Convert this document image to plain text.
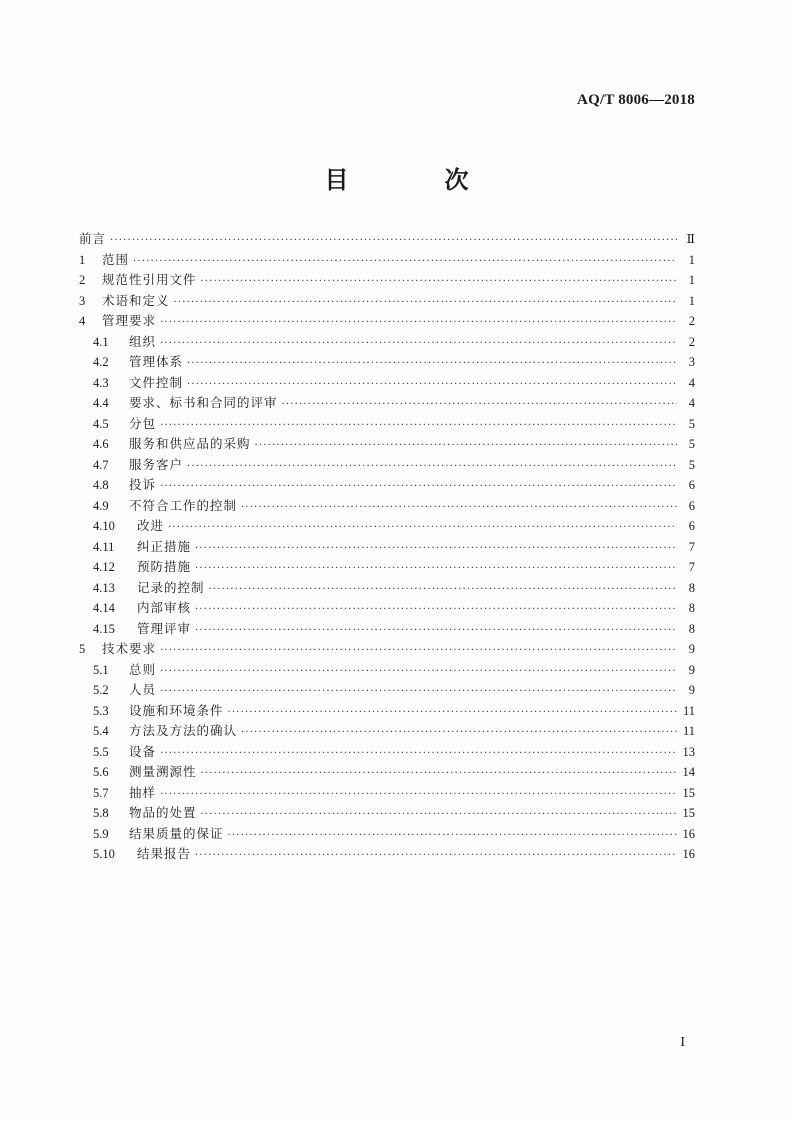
AQ/T 8006—2018
目　次
前言 ·····	Ⅱ
1	范围 ·····	1
2	规范性引用文件 ·····	1
3	术语和定义 ·····	1
4	管理要求 ·····	2
4.1	组织 ·····	2
4.2	管理体系 ·····	3
4.3	文件控制 ·····	4
4.4	要求、标书和合同的评审 ·····	4
4.5	分包 ·····	5
4.6	服务和供应品的采购 ·····	5
4.7	服务客户 ·····	5
4.8	投诉 ·····	6
4.9	不符合工作的控制 ·····	6
4.10	改进 ·····	6
4.11	纠正措施 ·····	7
4.12	预防措施 ·····	7
4.13	记录的控制 ·····	8
4.14	内部审核 ·····	8
4.15	管理评审 ·····	8
5	技术要求 ·····	9
5.1	总则 ·····	9
5.2	人员 ·····	9
5.3	设施和环境条件 ·····	11
5.4	方法及方法的确认 ·····	11
5.5	设备 ·····	13
5.6	测量溯源性 ·····	14
5.7	抽样 ·····	15
5.8	物品的处置 ·····	15
5.9	结果质量的保证 ·····	16
5.10	结果报告 ·····	16
I
